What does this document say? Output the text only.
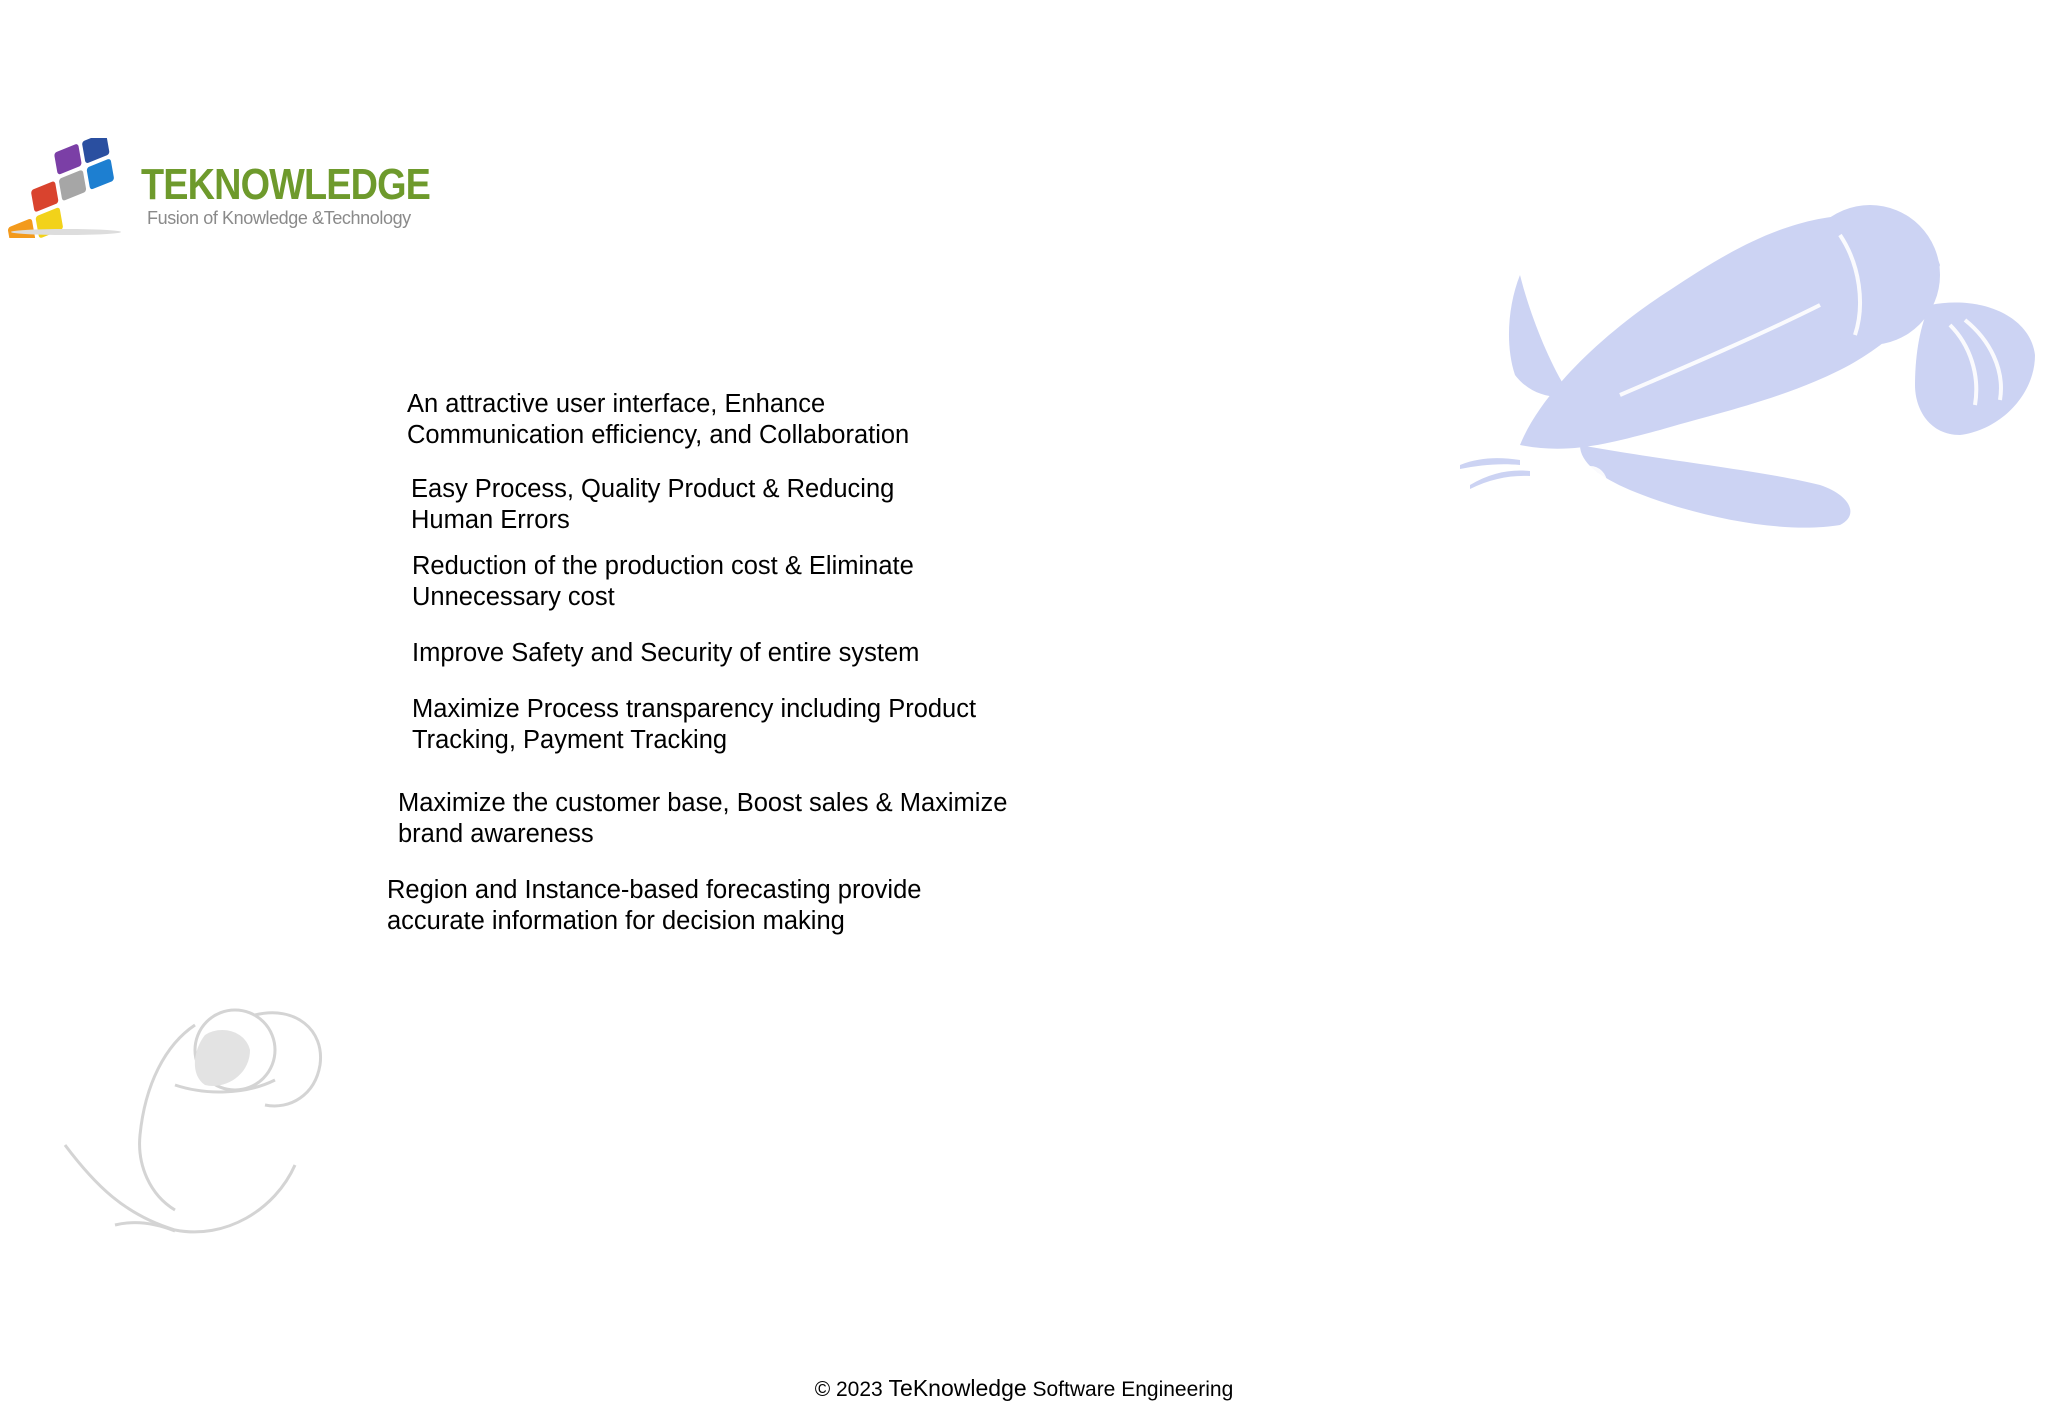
TEKNOWLEDGE
Fusion of Knowledge &Technology
An attractive user interface, Enhance
Communication efficiency, and Collaboration
Easy Process, Quality Product & Reducing
Human Errors
Reduction of the production cost & Eliminate
Unnecessary cost
Improve Safety and Security of entire system
Maximize Process transparency including Product
Tracking, Payment Tracking
Maximize the customer base, Boost sales & Maximize
brand awareness
Region and Instance-based forecasting provide
accurate information for decision making
© 2023 TeKnowledge Software Engineering
